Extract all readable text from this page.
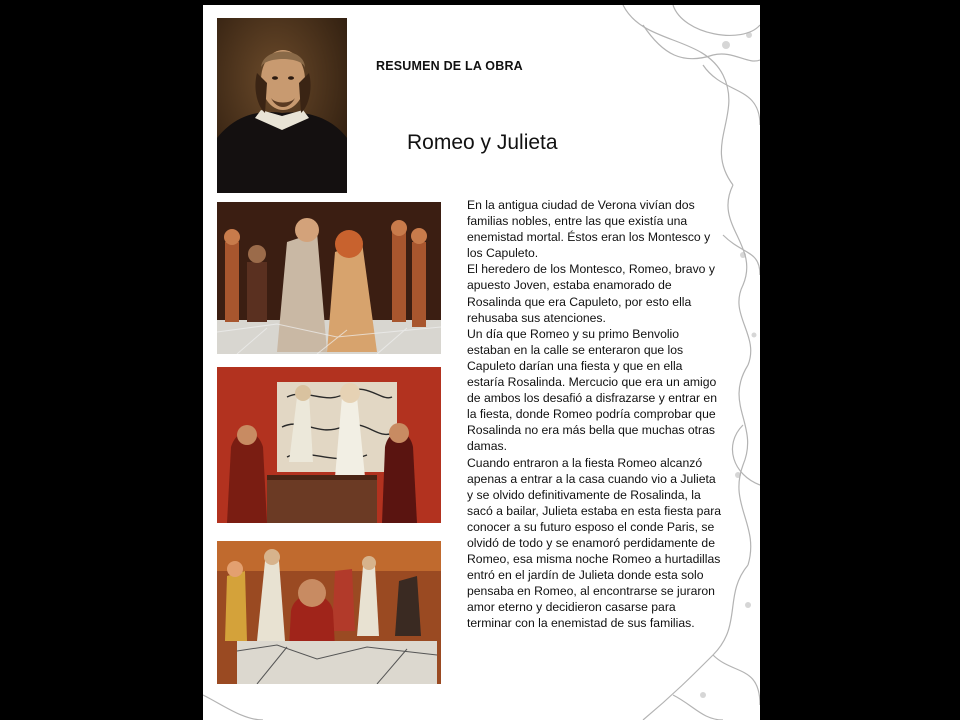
RESUMEN DE LA OBRA
Romeo y Julieta

En la antigua ciudad de Verona vivían dos familias nobles, entre las que existía una enemistad mortal. Éstos eran los Montesco y los Capuleto.

El heredero de los Montesco, Romeo, bravo y apuesto Joven, estaba enamorado de Rosalinda que era Capuleto, por esto ella rehusaba sus atenciones.

Un día que Romeo y su primo Benvolio estaban en la calle se enteraron que los Capuleto darían una fiesta y que en ella estaría Rosalinda. Mercucio que era un amigo de ambos los desafió a disfrazarse y entrar en la fiesta, donde Romeo podría comprobar que Rosalinda no era más bella que muchas otras damas.

Cuando entraron a la fiesta Romeo alcanzó apenas a entrar a la casa cuando vio a Julieta y se olvido definitivamente de Rosalinda, la sacó a bailar, Julieta estaba en esta fiesta para conocer a su futuro esposo el conde Paris, se olvidó de todo y se enamoró perdidamente de Romeo, esa misma noche Romeo a hurtadillas entró en el jardín de Julieta donde esta solo pensaba en Romeo, al encontrarse se juraron amor eterno y decidieron casarse para terminar con la enemistad de sus familias.
